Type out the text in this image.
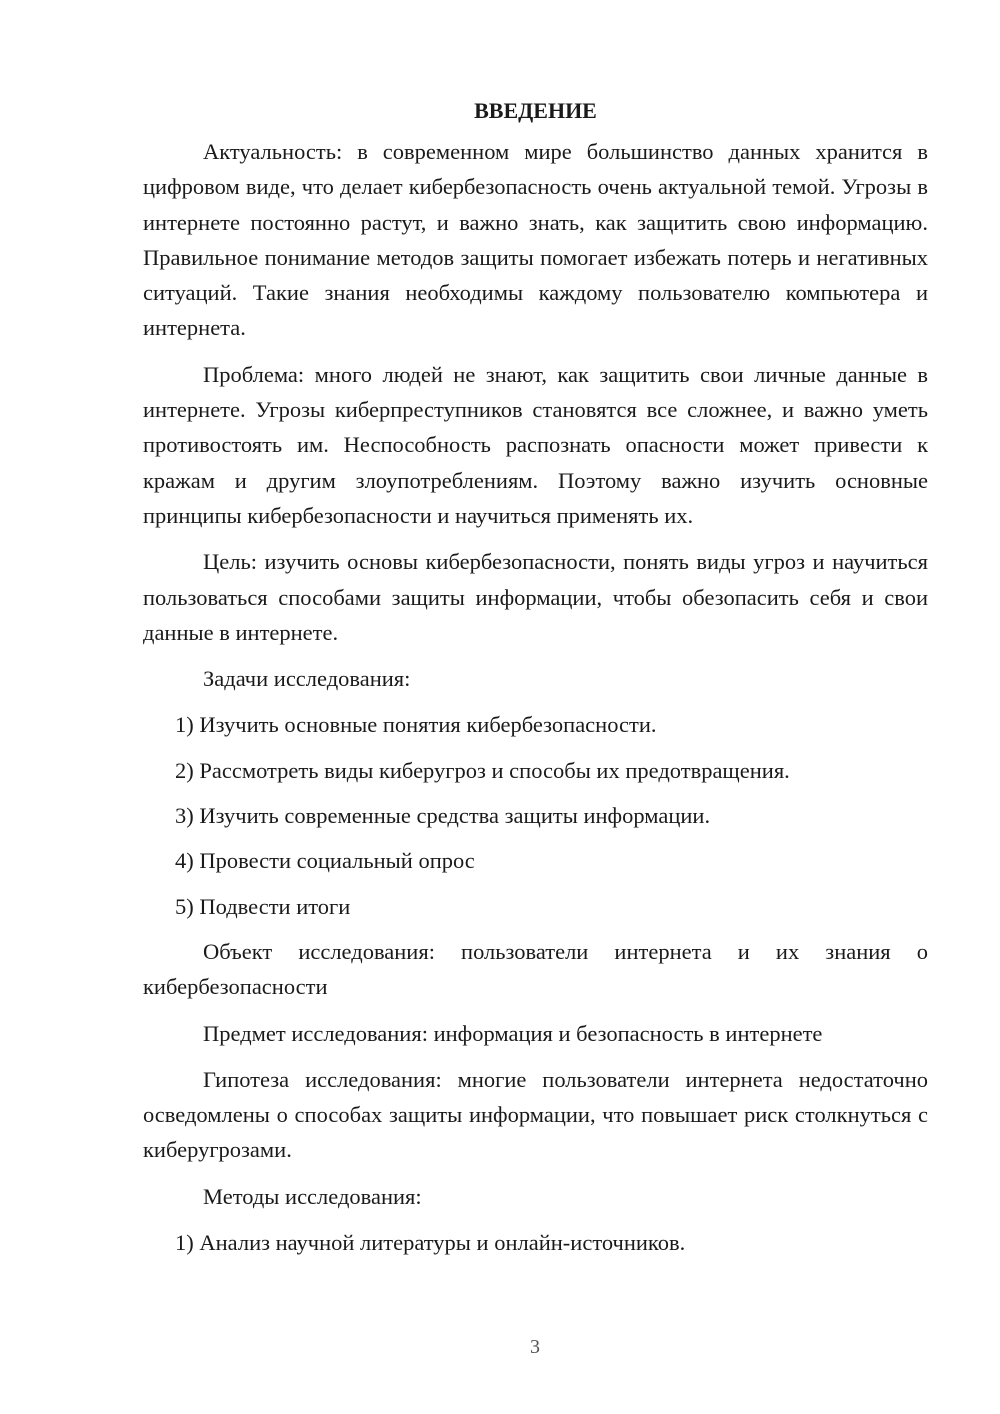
ВВЕДЕНИЕ

Актуальность: в современном мире большинство данных хранится в цифровом виде, что делает кибербезопасность очень актуальной темой. Угрозы в интернете постоянно растут, и важно знать, как защитить свою информацию. Правильное понимание методов защиты помогает избежать потерь и негативных ситуаций. Такие знания необходимы каждому пользователю компьютера и интернета.

Проблема: много людей не знают, как защитить свои личные данные в интернете. Угрозы киберпреступников становятся все сложнее, и важно уметь противостоять им. Неспособность распознать опасности может привести к кражам и другим злоупотреблениям. Поэтому важно изучить основные принципы кибербезопасности и научиться применять их.

Цель: изучить основы кибербезопасности, понять виды угроз и научиться пользоваться способами защиты информации, чтобы обезопасить себя и свои данные в интернете.

Задачи исследования:

1) Изучить основные понятия кибербезопасности.
2) Рассмотреть виды киберугроз и способы их предотвращения.
3) Изучить современные средства защиты информации.
4) Провести социальный опрос
5) Подвести итоги

Объект исследования: пользователи интернета и их знания о кибербезопасности

Предмет исследования: информация и безопасность в интернете

Гипотеза исследования: многие пользователи интернета недостаточно осведомлены о способах защиты информации, что повышает риск столкнуться с киберугрозами.

Методы исследования:

1) Анализ научной литературы и онлайн-источников.
3
